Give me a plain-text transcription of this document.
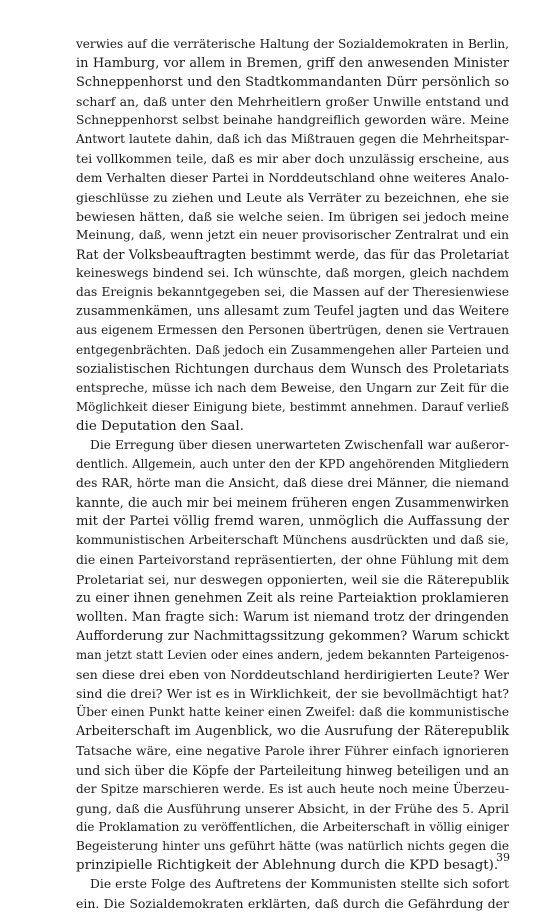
verwies auf die verräterische Haltung der Sozialdemokraten in Berlin,
in Hamburg, vor allem in Bremen, griff den anwesenden Minister
Schneppenhorst und den Stadtkommandanten Dürr persönlich so
scharf an, daß unter den Mehrheitlern großer Unwille entstand und
Schneppenhorst selbst beinahe handgreiflich geworden wäre. Meine
Antwort lautete dahin, daß ich das Mißtrauen gegen die Mehrheitspar-
tei vollkommen teile, daß es mir aber doch unzulässig erscheine, aus
dem Verhalten dieser Partei in Norddeutschland ohne weiteres Analo-
gieschlüsse zu ziehen und Leute als Verräter zu bezeichnen, ehe sie
bewiesen hätten, daß sie welche seien. Im übrigen sei jedoch meine
Meinung, daß, wenn jetzt ein neuer provisorischer Zentralrat und ein
Rat der Volksbeauftragten bestimmt werde, das für das Proletariat
keineswegs bindend sei. Ich wünschte, daß morgen, gleich nachdem
das Ereignis bekanntgegeben sei, die Massen auf der Theresienwiese
zusammenkämen, uns allesamt zum Teufel jagten und das Weitere
aus eigenem Ermessen den Personen übertrügen, denen sie Vertrauen
entgegenbrächten. Daß jedoch ein Zusammengehen aller Parteien und
sozialistischen Richtungen durchaus dem Wunsch des Proletariats
entspreche, müsse ich nach dem Beweise, den Ungarn zur Zeit für die
Möglichkeit dieser Einigung biete, bestimmt annehmen. Darauf verließ
die Deputation den Saal.
Die Erregung über diesen unerwarteten Zwischenfall war außeror-
dentlich. Allgemein, auch unter den der KPD angehörenden Mitgliedern
des RAR, hörte man die Ansicht, daß diese drei Männer, die niemand
kannte, die auch mir bei meinem früheren engen Zusammenwirken
mit der Partei völlig fremd waren, unmöglich die Auffassung der
kommunistischen Arbeiterschaft Münchens ausdrückten und daß sie,
die einen Parteivorstand repräsentierten, der ohne Fühlung mit dem
Proletariat sei, nur deswegen opponierten, weil sie die Räterepublik
zu einer ihnen genehmen Zeit als reine Parteiaktion proklamieren
wollten. Man fragte sich: Warum ist niemand trotz der dringenden
Aufforderung zur Nachmittagssitzung gekommen? Warum schickt
man jetzt statt Levien oder eines andern, jedem bekannten Parteigenos-
sen diese drei eben von Norddeutschland herdirigierten Leute? Wer
sind die drei? Wer ist es in Wirklichkeit, der sie bevollmächtigt hat?
Über einen Punkt hatte keiner einen Zweifel: daß die kommunistische
Arbeiterschaft im Augenblick, wo die Ausrufung der Räterepublik
Tatsache wäre, eine negative Parole ihrer Führer einfach ignorieren
und sich über die Köpfe der Parteileitung hinweg beteiligen und an
der Spitze marschieren werde. Es ist auch heute noch meine Überzeu-
gung, daß die Ausführung unserer Absicht, in der Frühe des 5. April
die Proklamation zu veröffentlichen, die Arbeiterschaft in völlig einiger
Begeisterung hinter uns geführt hätte (was natürlich nichts gegen die
prinzipielle Richtigkeit der Ablehnung durch die KPD besagt).
Die erste Folge des Auftretens der Kommunisten stellte sich sofort
ein. Die Sozialdemokraten erklärten, daß durch die Gefährdung der
39
